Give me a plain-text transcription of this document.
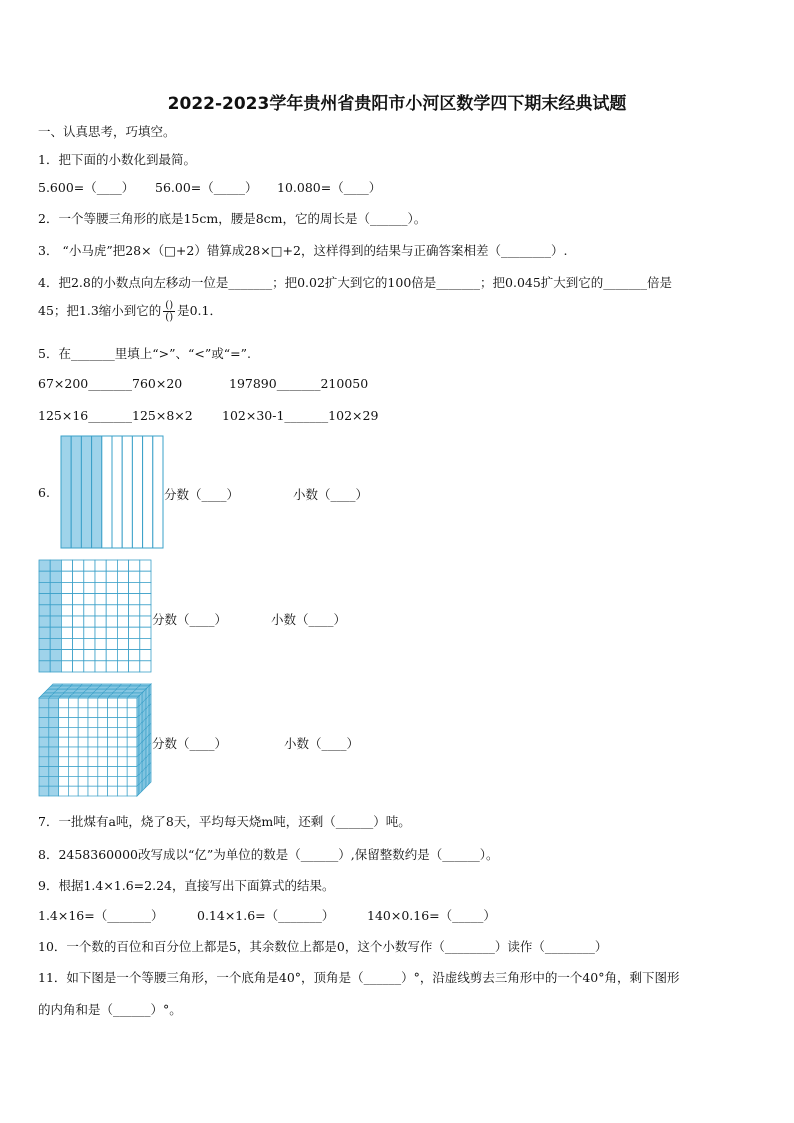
2022-2023学年贵州省贵阳市小河区数学四下期末经典试题
一、认真思考，巧填空。
1．把下面的小数化到最简。
5.600=（____） 56.00=（_____） 10.080=（____）
2．一个等腰三角形的底是15cm，腰是8cm，它的周长是（______）。
3． “小马虎”把28×（□+2）错算成28×□+2，这样得到的结果与正确答案相差（________）.
4．把2.8的小数点向左移动一位是_______；把0.02扩大到它的100倍是_______；把0.045扩大到它的_______倍是
45；把1.3缩小到它的 $\frac{()}{()}$ 是0.1．
5．在_______里填上“>”、“<”或“=”.
67×200_______760×20	197890_______210050
125×16_______125×8×2 102×30-1_______102×29
6.	分数（____）	小数（____）
分数（____）	小数（____）
分数（____）	小数（____）
7．一批煤有a吨，烧了8天，平均每天烧m吨，还剩（______）吨。
8．2458360000改写成以“亿”为单位的数是（______）,保留整数约是（______）。
9．根据1.4×1.6=2.24，直接写出下面算式的结果。
1.4×16=（_______）	0.14×1.6=（_______）	140×0.16=（_____）
10．一个数的百位和百分位上都是5，其余数位上都是0，这个小数写作（________）读作（________）
11．如下图是一个等腰三角形，一个底角是40°，顶角是（______）°，沿虚线剪去三角形中的一个40°角，剩下图形
的内角和是（______）°。
